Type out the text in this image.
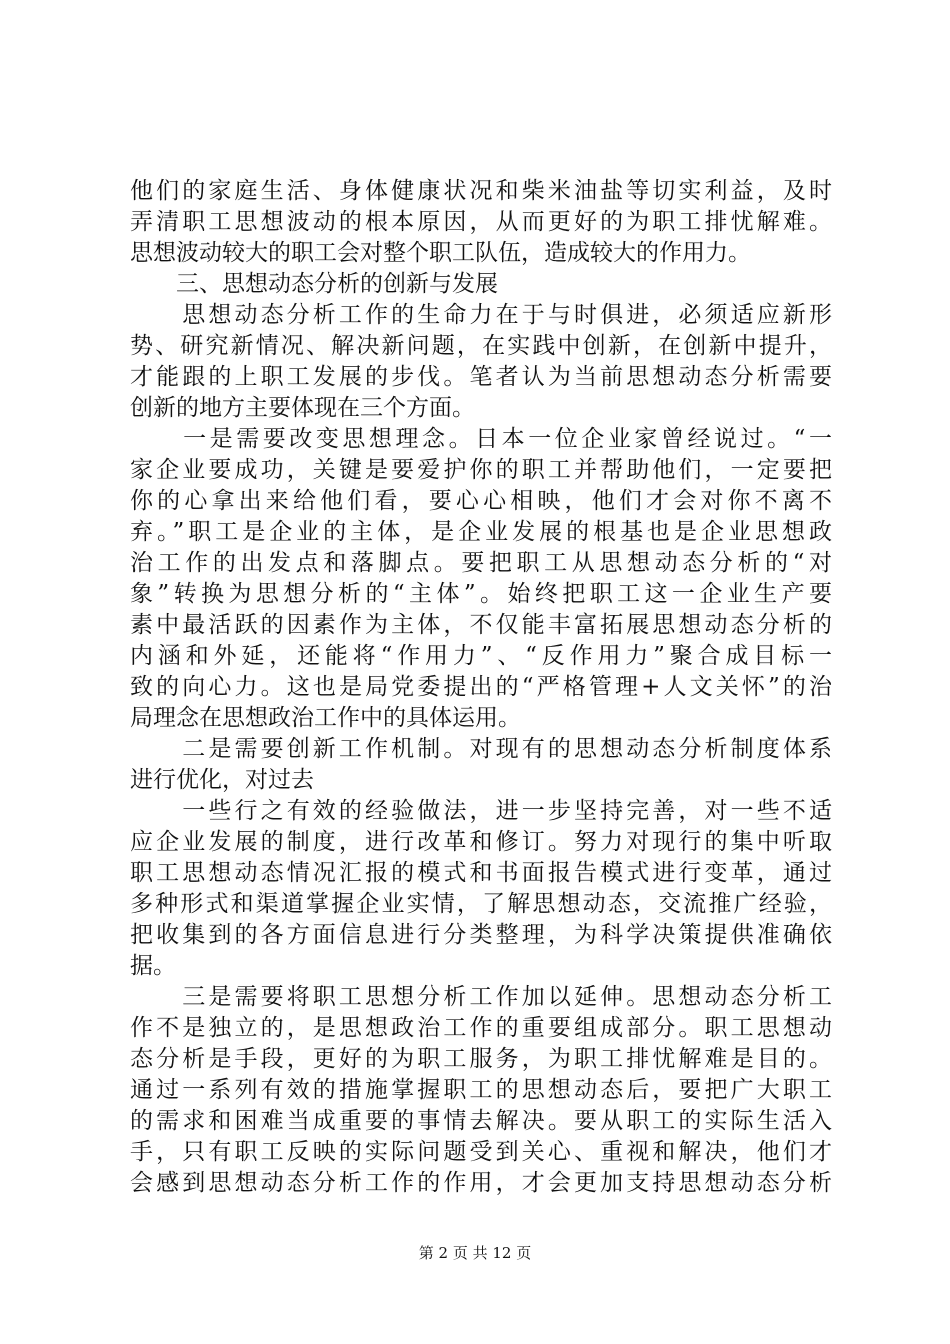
他们的家庭生活、身体健康状况和柴米油盐等切实利益，及时
弄清职工思想波动的根本原因，从而更好的为职工排忧解难。
思想波动较大的职工会对整个职工队伍，造成较大的作用力。
　　三、思想动态分析的创新与发展
　　思想动态分析工作的生命力在于与时俱进，必须适应新形
势、研究新情况、解决新问题，在实践中创新，在创新中提升，
才能跟的上职工发展的步伐。笔者认为当前思想动态分析需要
创新的地方主要体现在三个方面。
　　一是需要改变思想理念。日本一位企业家曾经说过。“一
家企业要成功，关键是要爱护你的职工并帮助他们，一定要把
你的心拿出来给他们看，要心心相映，他们才会对你不离不
弃。”职工是企业的主体，是企业发展的根基也是企业思想政
治工作的出发点和落脚点。要把职工从思想动态分析的“对
象”转换为思想分析的“主体”。始终把职工这一企业生产要
素中最活跃的因素作为主体，不仅能丰富拓展思想动态分析的
内涵和外延，还能将“作用力”、“反作用力”聚合成目标一
致的向心力。这也是局党委提出的“严格管理+人文关怀”的治
局理念在思想政治工作中的具体运用。
　　二是需要创新工作机制。对现有的思想动态分析制度体系
进行优化，对过去
　　一些行之有效的经验做法，进一步坚持完善，对一些不适
应企业发展的制度，进行改革和修订。努力对现行的集中听取
职工思想动态情况汇报的模式和书面报告模式进行变革，通过
多种形式和渠道掌握企业实情，了解思想动态，交流推广经验，
把收集到的各方面信息进行分类整理，为科学决策提供准确依
据。
　　三是需要将职工思想分析工作加以延伸。思想动态分析工
作不是独立的，是思想政治工作的重要组成部分。职工思想动
态分析是手段，更好的为职工服务，为职工排忧解难是目的。
通过一系列有效的措施掌握职工的思想动态后，要把广大职工
的需求和困难当成重要的事情去解决。要从职工的实际生活入
手，只有职工反映的实际问题受到关心、重视和解决，他们才
会感到思想动态分析工作的作用，才会更加支持思想动态分析
第 2 页 共 12 页
